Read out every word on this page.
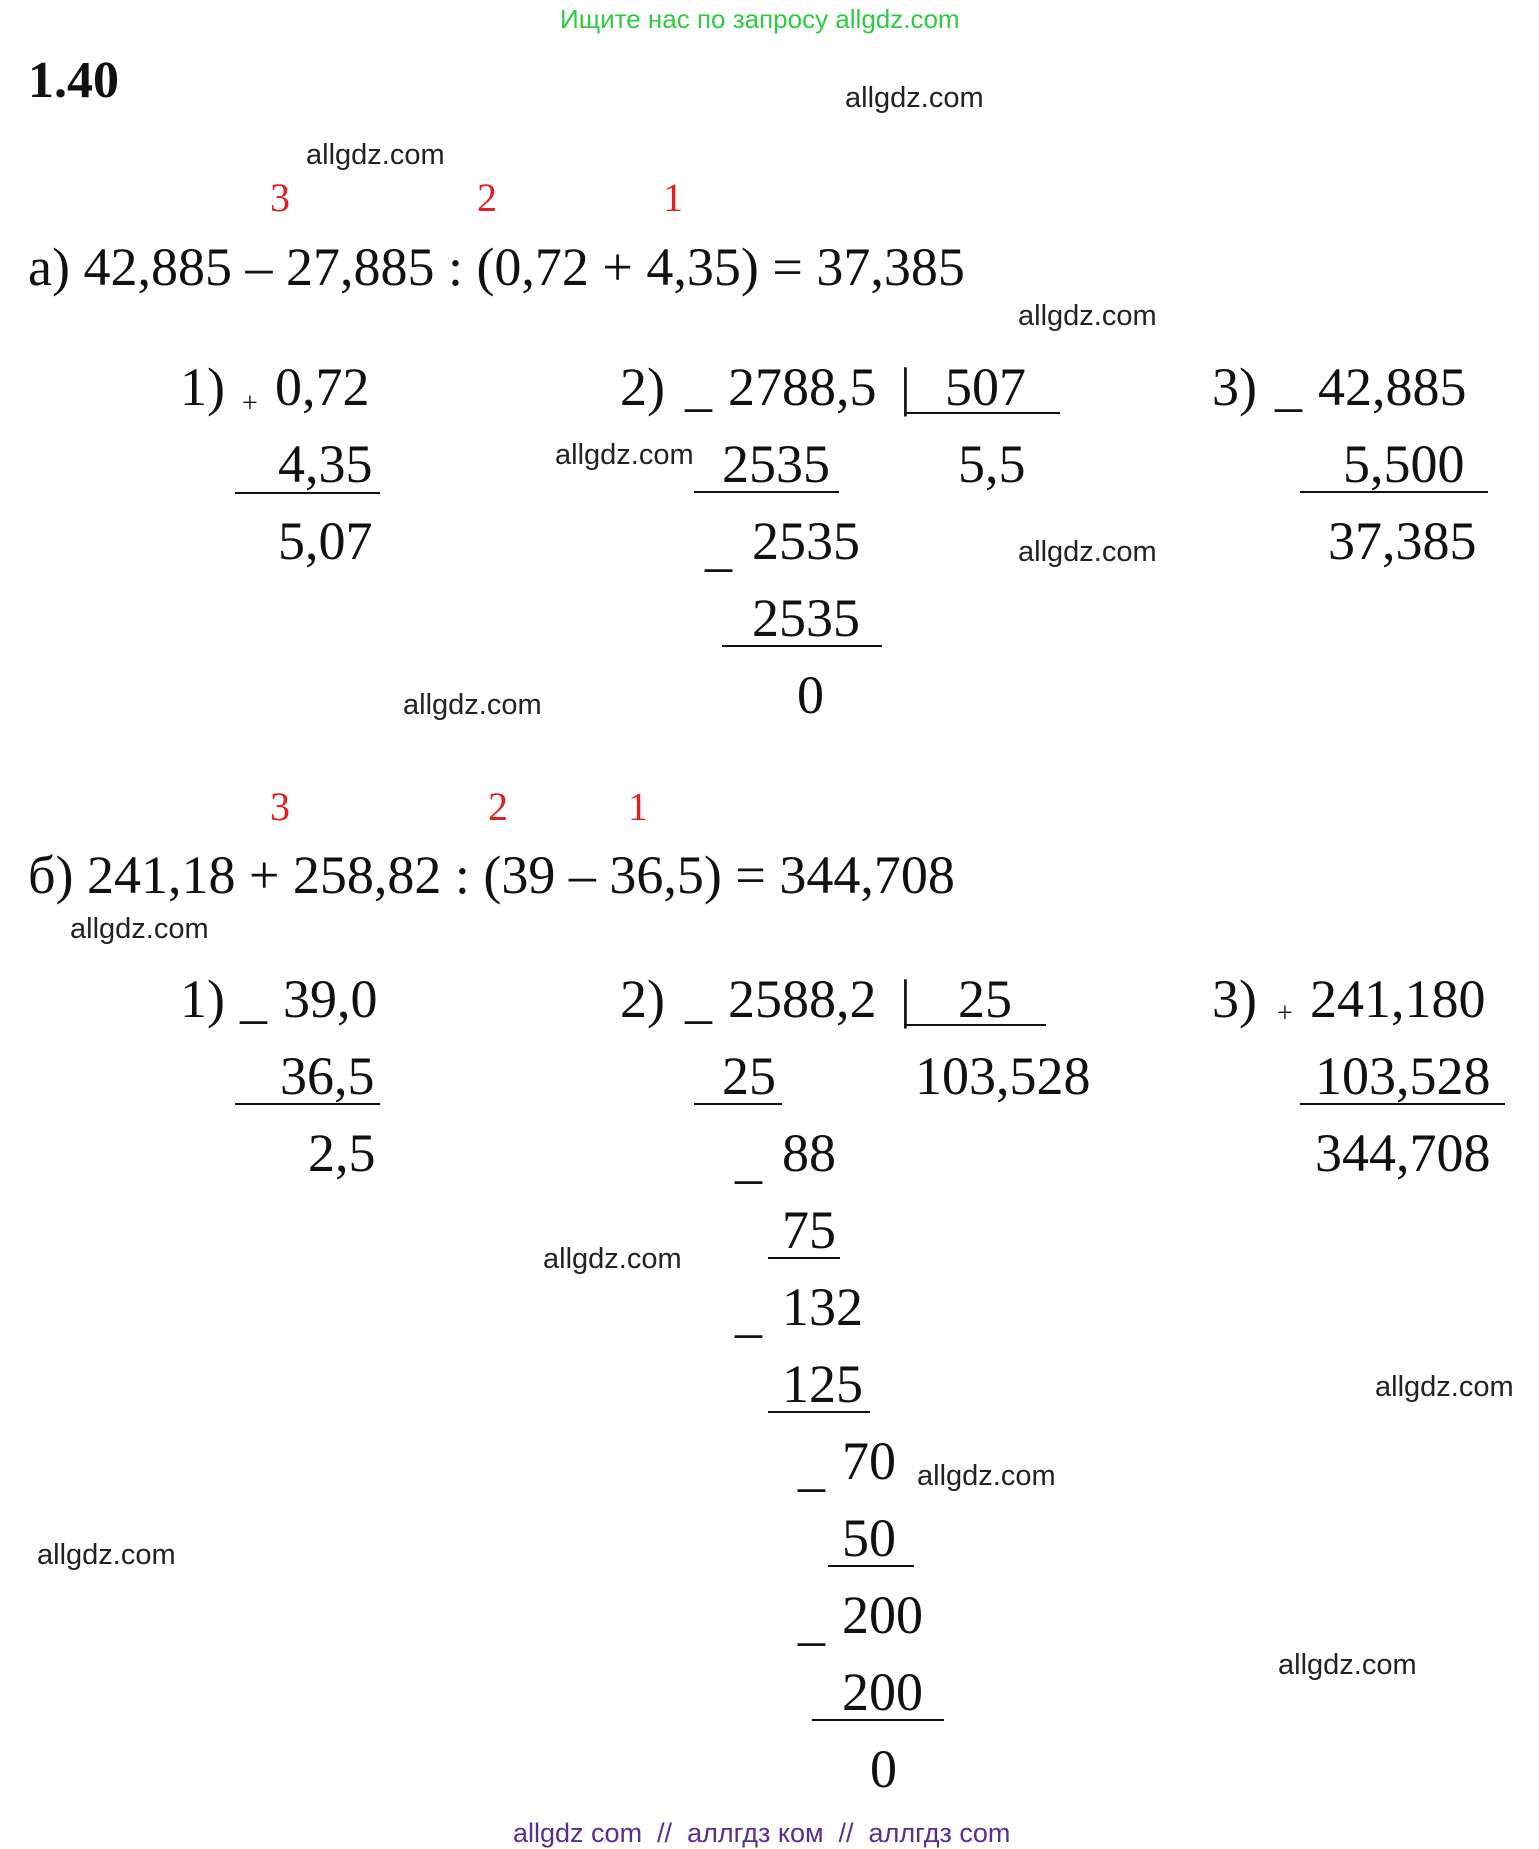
Ищите нас по запросу allgdz.com
1.40	allgdz.com
allgdz.com
allgdz.com
allgdz.com
allgdz.com
allgdz.com
allgdz.com
allgdz.com
allgdz.com
allgdz.com
allgdz.com
allgdz.com
3	2	1
а) 42,885 – 27,885 : (0,72 + 4,35) = 37,385
1) + 0,72
4,35
5,07
2) _ 2788,5 | 507
5,5
2535
_ 2535
2535
0
3) _ 42,885
5,500
37,385
3	2	1
б) 241,18 + 258,82 : (39 – 36,5) = 344,708
1) _ 39,0
36,5
2,5
2) _ 2588,2 | 25
103,528
25
_ 88
75
_ 132
125
_ 70
50
_ 200
200
0
3) + 241,180
103,528
344,708
allgdz com  //  аллгдз ком  //  аллгдз com
